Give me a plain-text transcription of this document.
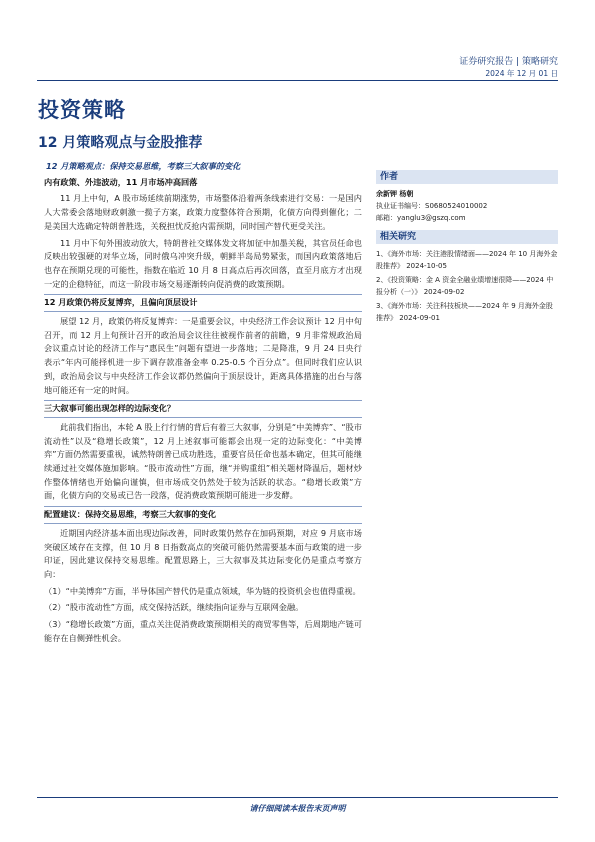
证券研究报告 | 策略研究
2024 年 12 月 01 日
投资策略
12 月策略观点与金股推荐
12 月策略观点：保持交易思维，考察三大叙事的变化
内有政策、外违波动，11 月市场冲高回落
11 月上中旬，A 股市场延续前期涨势，市场整体沿着两条线索进行交易：一是国内人大常委会落地财政刺激一揽子方案，政策力度整体符合预期，化债方向得到催化；二是美国大选确定特朗普胜选，关税担忧反抢内需预期，同时国产替代更受关注。
11 月中下旬外围波动放大，特朗普社交媒体发文将加征中加墨关税，其官员任命也反映出较强硬的对华立场，同时俄乌冲突升级，朝鲜半岛局势紧张，而国内政策落地后也存在预期兑现的可能性，指数在临近 10 月 8 日高点后再次回落，直至月底方才出现一定的企稳特征，而这一阶段市场交易逐渐转向促消费的政策预期。
12 月政策仍将反复博弈，且偏向顶层设计
展望 12 月，政策仍将反复博弈：一是重要会议，中央经济工作会议预计 12 月中旬召开，而 12 月上旬预计召开的政治局会议往往被视作前者的前瞻，9 月非常规政治局会议重点讨论的经济工作与“惠民生”问题有望进一步落地；二是降准，9 月 24 日央行表示“年内可能择机进一步下调存款准备金率 0.25-0.5 个百分点”。但同时我们应认识到，政治局会议与中央经济工作会议都仍然偏向于顶层设计，距离具体措施的出台与落地可能还有一定的时间。
三大叙事可能出现怎样的边际变化？
此前我们指出，本轮 A 股上行行情的背后有着三大叙事，分别是“中美博弈”、“股市流动性”以及“稳增长政策”，12 月上述叙事可能都会出现一定的边际变化：“中美博弈”方面仍然需要重视，诚然特朗普已成功胜选，重要官员任命也基本确定，但其可能继续通过社交媒体施加影响。“股市流动性”方面，继“并购重组”相关题材降温后，题材炒作整体情绪也开始偏向谨慎，但市场成交仍然处于较为活跃的状态。“稳增长政策”方面，化债方向的交易或已告一段落，促消费政策预期可能进一步发酵。
配置建议：保持交易思维，考察三大叙事的变化
近期国内经济基本面出现边际改善，同时政策仍然存在加码预期，对应 9 月底市场突破区域存在支撑，但 10 月 8 日指数高点的突破可能仍然需要基本面与政策的进一步印证，因此建议保持交易思维。配置思路上，三大叙事及其边际变化仍是重点考察方向：
（1）“中美博弈”方面，半导体国产替代仍是重点领域，华为链的投资机会也值得重视。
（2）“股市流动性”方面，成交保持活跃，继续指向证券与互联网金融。
（3）“稳增长政策”方面，重点关注促消费政策预期相关的商贸零售等，后周期地产链可能存在自侧弹性机会。
作者
余新钾 杨朝
执业证书编号：S0680524010002
邮箱：yanglu3@gszq.com
相关研究
1、《海外市场：关注港股情绪面——2024 年 10 月海外金股推荐》 2024-10-05
2、《投资策略：金 A 资金全融业绩增速很降——2024 中报分析（一）》 2024-09-02
3、《海外市场：关注科技板块——2024 年 9 月海外金股推荐》 2024-09-01
请仔细阅读本报告末页声明
